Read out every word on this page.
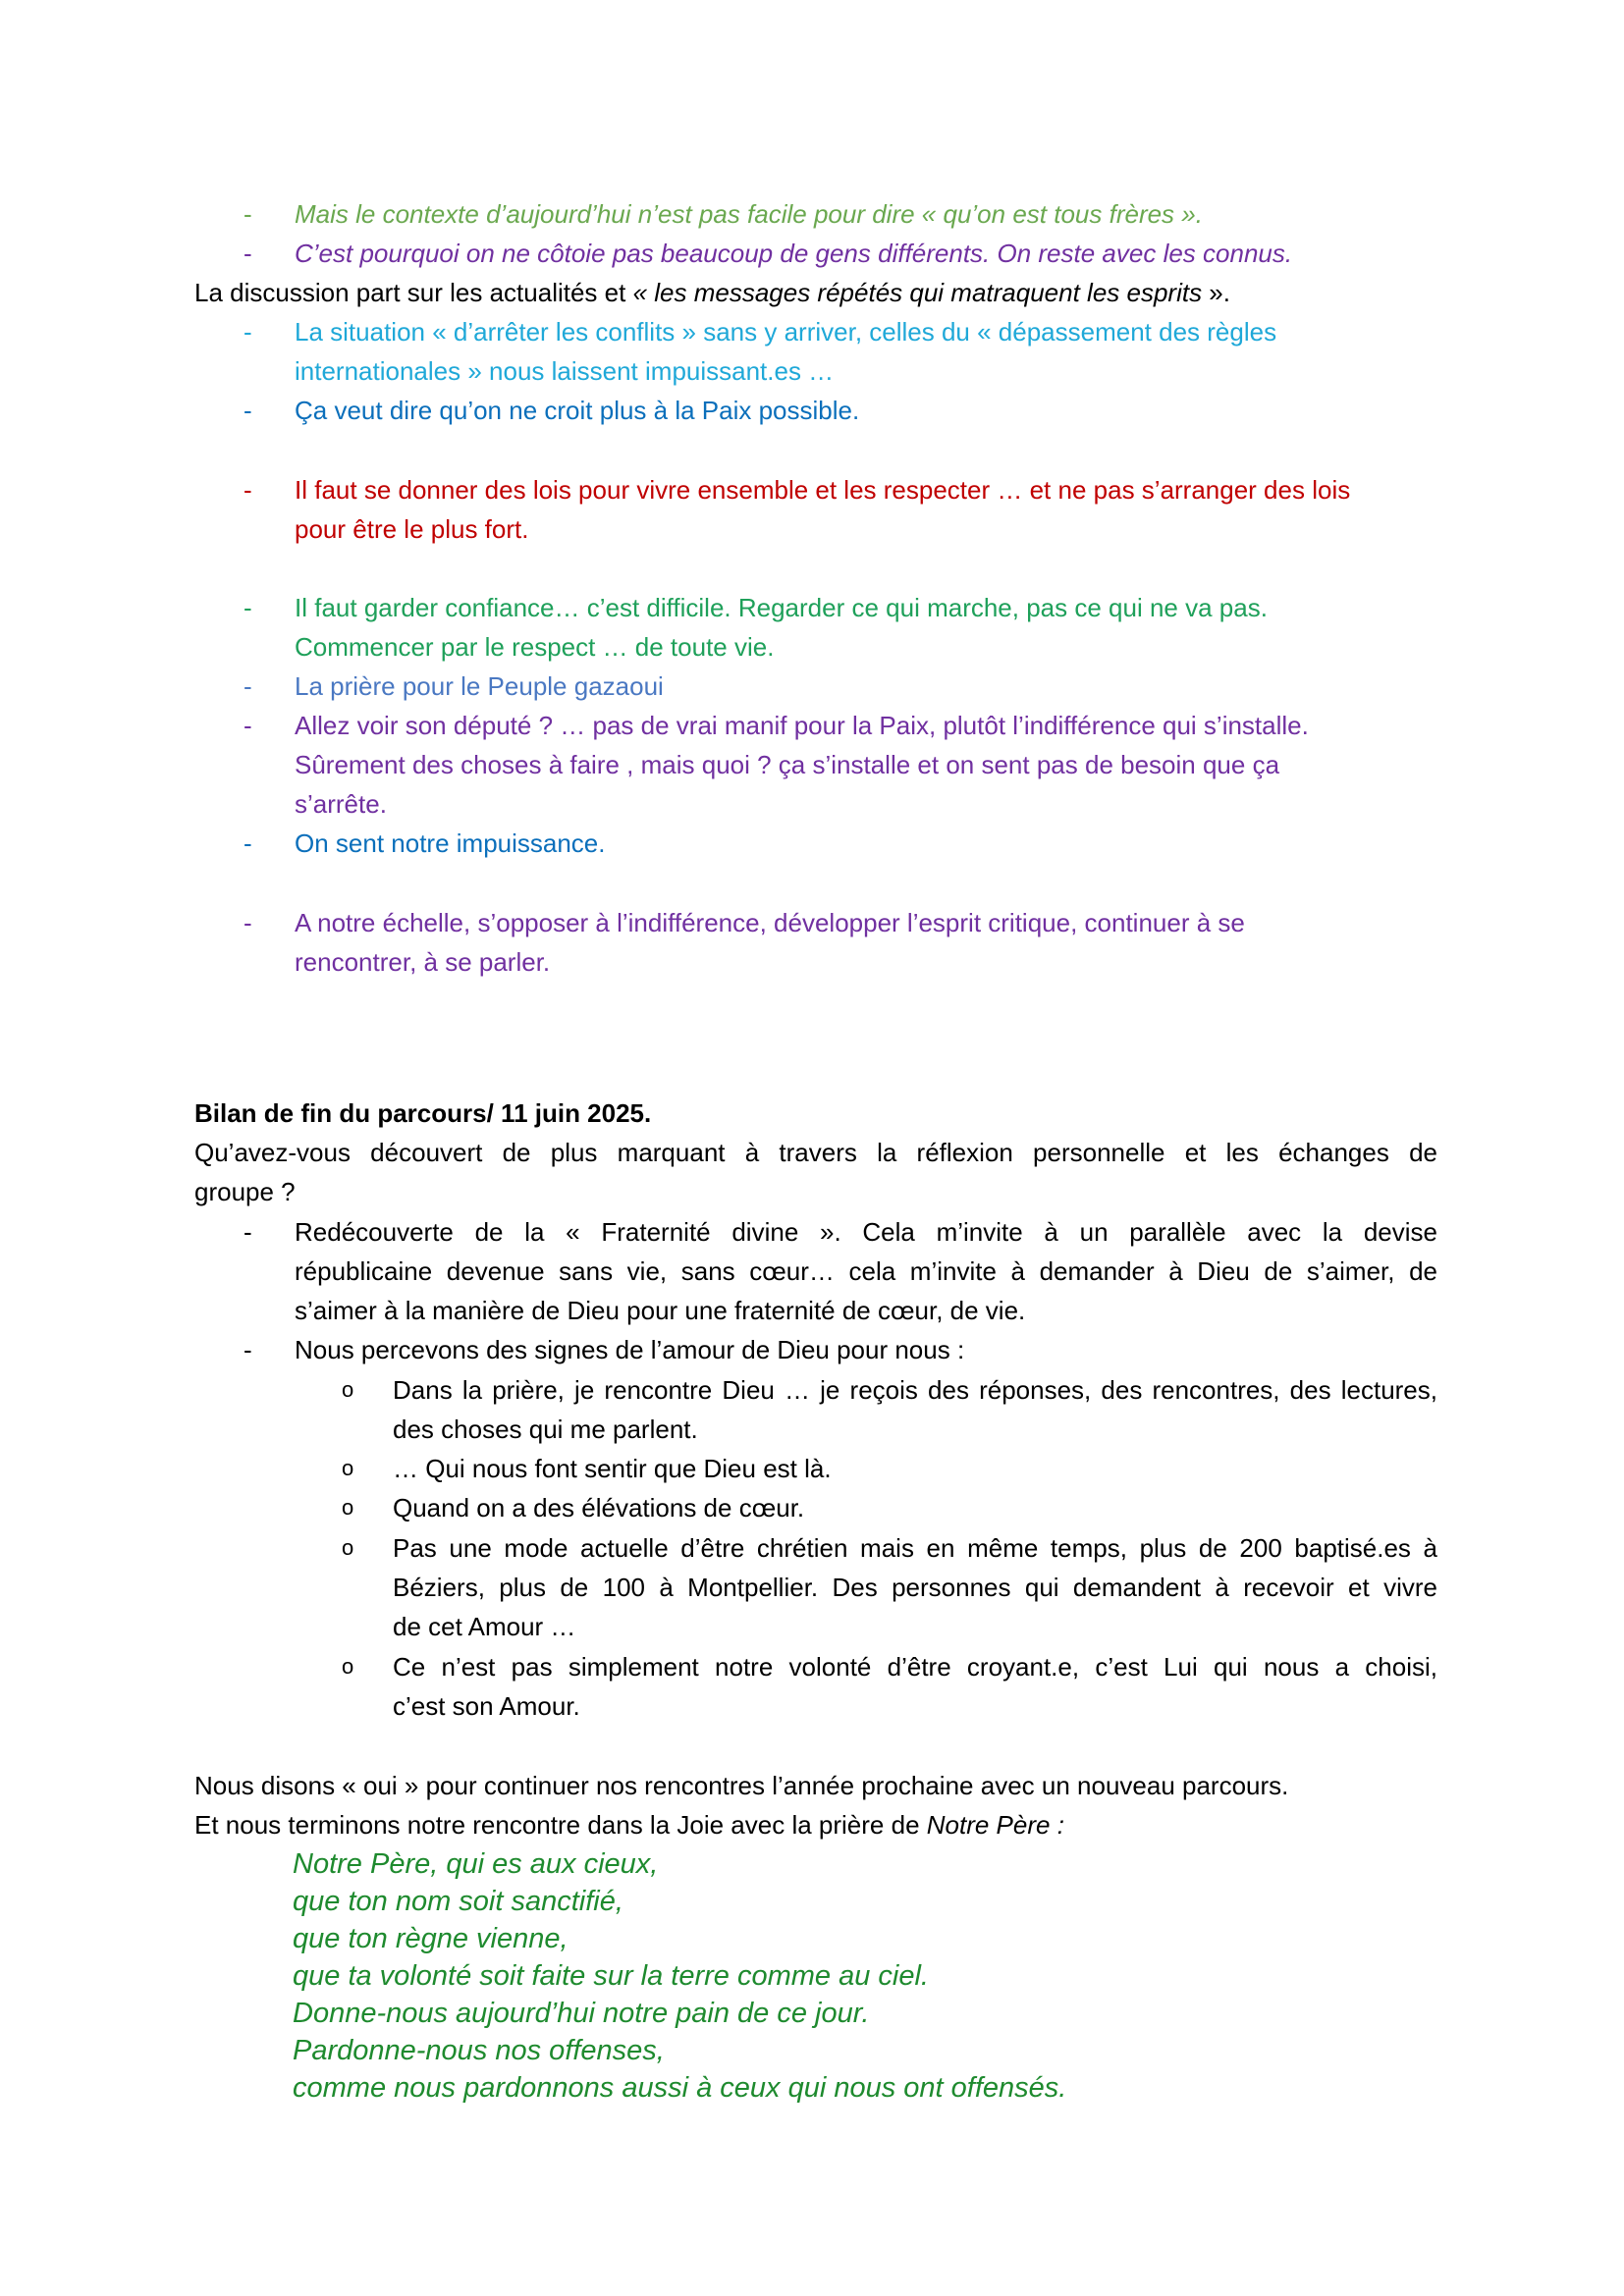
- Mais le contexte d’aujourd’hui n’est pas facile pour dire « qu’on est tous frères ».
- C’est pourquoi on ne côtoie pas beaucoup de gens différents. On reste avec les connus.
La discussion part sur les actualités et « les messages répétés qui matraquent les esprits ».
- La situation « d’arrêter les conflits » sans y arriver, celles du « dépassement des règles
internationales » nous laissent impuissant.es …
- Ça veut dire qu’on ne croit plus à la Paix possible.
- Il faut se donner des lois pour vivre ensemble et les respecter … et ne pas s’arranger des lois
pour être le plus fort.
- Il faut garder confiance… c’est difficile. Regarder ce qui marche, pas ce qui ne va pas.
Commencer par le respect … de toute vie.
- La prière pour le Peuple gazaoui
- Allez voir son député ? … pas de vrai manif pour la Paix, plutôt l’indifférence qui s’installe.
Sûrement des choses à faire , mais quoi ? ça s’installe et on sent pas de besoin que ça
s’arrête.
- On sent notre impuissance.
- A notre échelle, s’opposer à l’indifférence, développer l’esprit critique, continuer à se
rencontrer, à se parler.
Bilan de fin du parcours/ 11 juin 2025.
Qu’avez-vous découvert de plus marquant à travers la réflexion personnelle et les échanges de
groupe ?
- Redécouverte de la « Fraternité divine ». Cela m’invite à un parallèle avec la devise
républicaine devenue sans vie, sans cœur… cela m’invite à demander à Dieu de s’aimer, de
s’aimer à la manière de Dieu pour une fraternité de cœur, de vie.
- Nous percevons des signes de l’amour de Dieu pour nous :
o Dans la prière, je rencontre Dieu … je reçois des réponses, des rencontres, des lectures,
des choses qui me parlent.
o … Qui nous font sentir que Dieu est là.
o Quand on a des élévations de cœur.
o Pas une mode actuelle d’être chrétien mais en même temps, plus de 200 baptisé.es à
Béziers, plus de 100 à Montpellier. Des personnes qui demandent à recevoir et vivre
de cet Amour …
o Ce n’est pas simplement notre volonté d’être croyant.e, c’est Lui qui nous a choisi,
c’est son Amour.
Nous disons « oui » pour continuer nos rencontres l’année prochaine avec un nouveau parcours.
Et nous terminons notre rencontre dans la Joie avec la prière de Notre Père :
Notre Père, qui es aux cieux,
que ton nom soit sanctifié,
que ton règne vienne,
que ta volonté soit faite sur la terre comme au ciel.
Donne-nous aujourd’hui notre pain de ce jour.
Pardonne-nous nos offenses,
comme nous pardonnons aussi à ceux qui nous ont offensés.
